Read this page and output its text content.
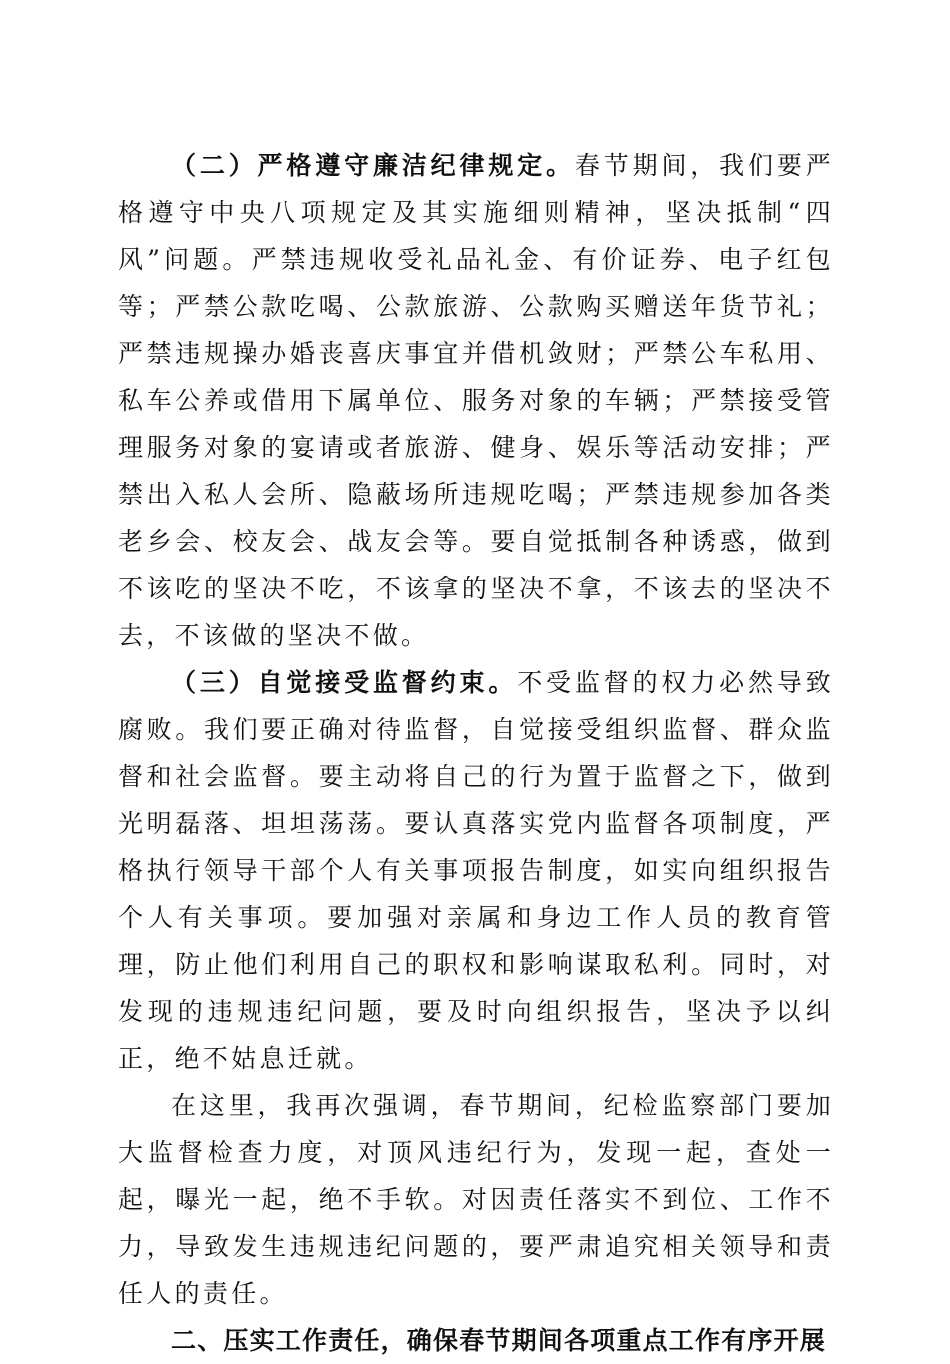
（二）严格遵守廉洁纪律规定。春节期间，我们要严格遵守中央八项规定及其实施细则精神，坚决抵制“四风”问题。严禁违规收受礼品礼金、有价证券、电子红包等；严禁公款吃喝、公款旅游、公款购买赠送年货节礼；严禁违规操办婚丧喜庆事宜并借机敛财；严禁公车私用、私车公养或借用下属单位、服务对象的车辆；严禁接受管理服务对象的宴请或者旅游、健身、娱乐等活动安排；严禁出入私人会所、隐蔽场所违规吃喝；严禁违规参加各类老乡会、校友会、战友会等。要自觉抵制各种诱惑，做到不该吃的坚决不吃，不该拿的坚决不拿，不该去的坚决不去，不该做的坚决不做。

（三）自觉接受监督约束。不受监督的权力必然导致腐败。我们要正确对待监督，自觉接受组织监督、群众监督和社会监督。要主动将自己的行为置于监督之下，做到光明磊落、坦坦荡荡。要认真落实党内监督各项制度，严格执行领导干部个人有关事项报告制度，如实向组织报告个人有关事项。要加强对亲属和身边工作人员的教育管理，防止他们利用自己的职权和影响谋取私利。同时，对发现的违规违纪问题，要及时向组织报告，坚决予以纠正，绝不姑息迁就。

在这里，我再次强调，春节期间，纪检监察部门要加大监督检查力度，对顶风违纪行为，发现一起，查处一起，曝光一起，绝不手软。对因责任落实不到位、工作不力，导致发生违规违纪问题的，要严肃追究相关领导和责任人的责任。

二、压实工作责任，确保春节期间各项重点工作有序开展
